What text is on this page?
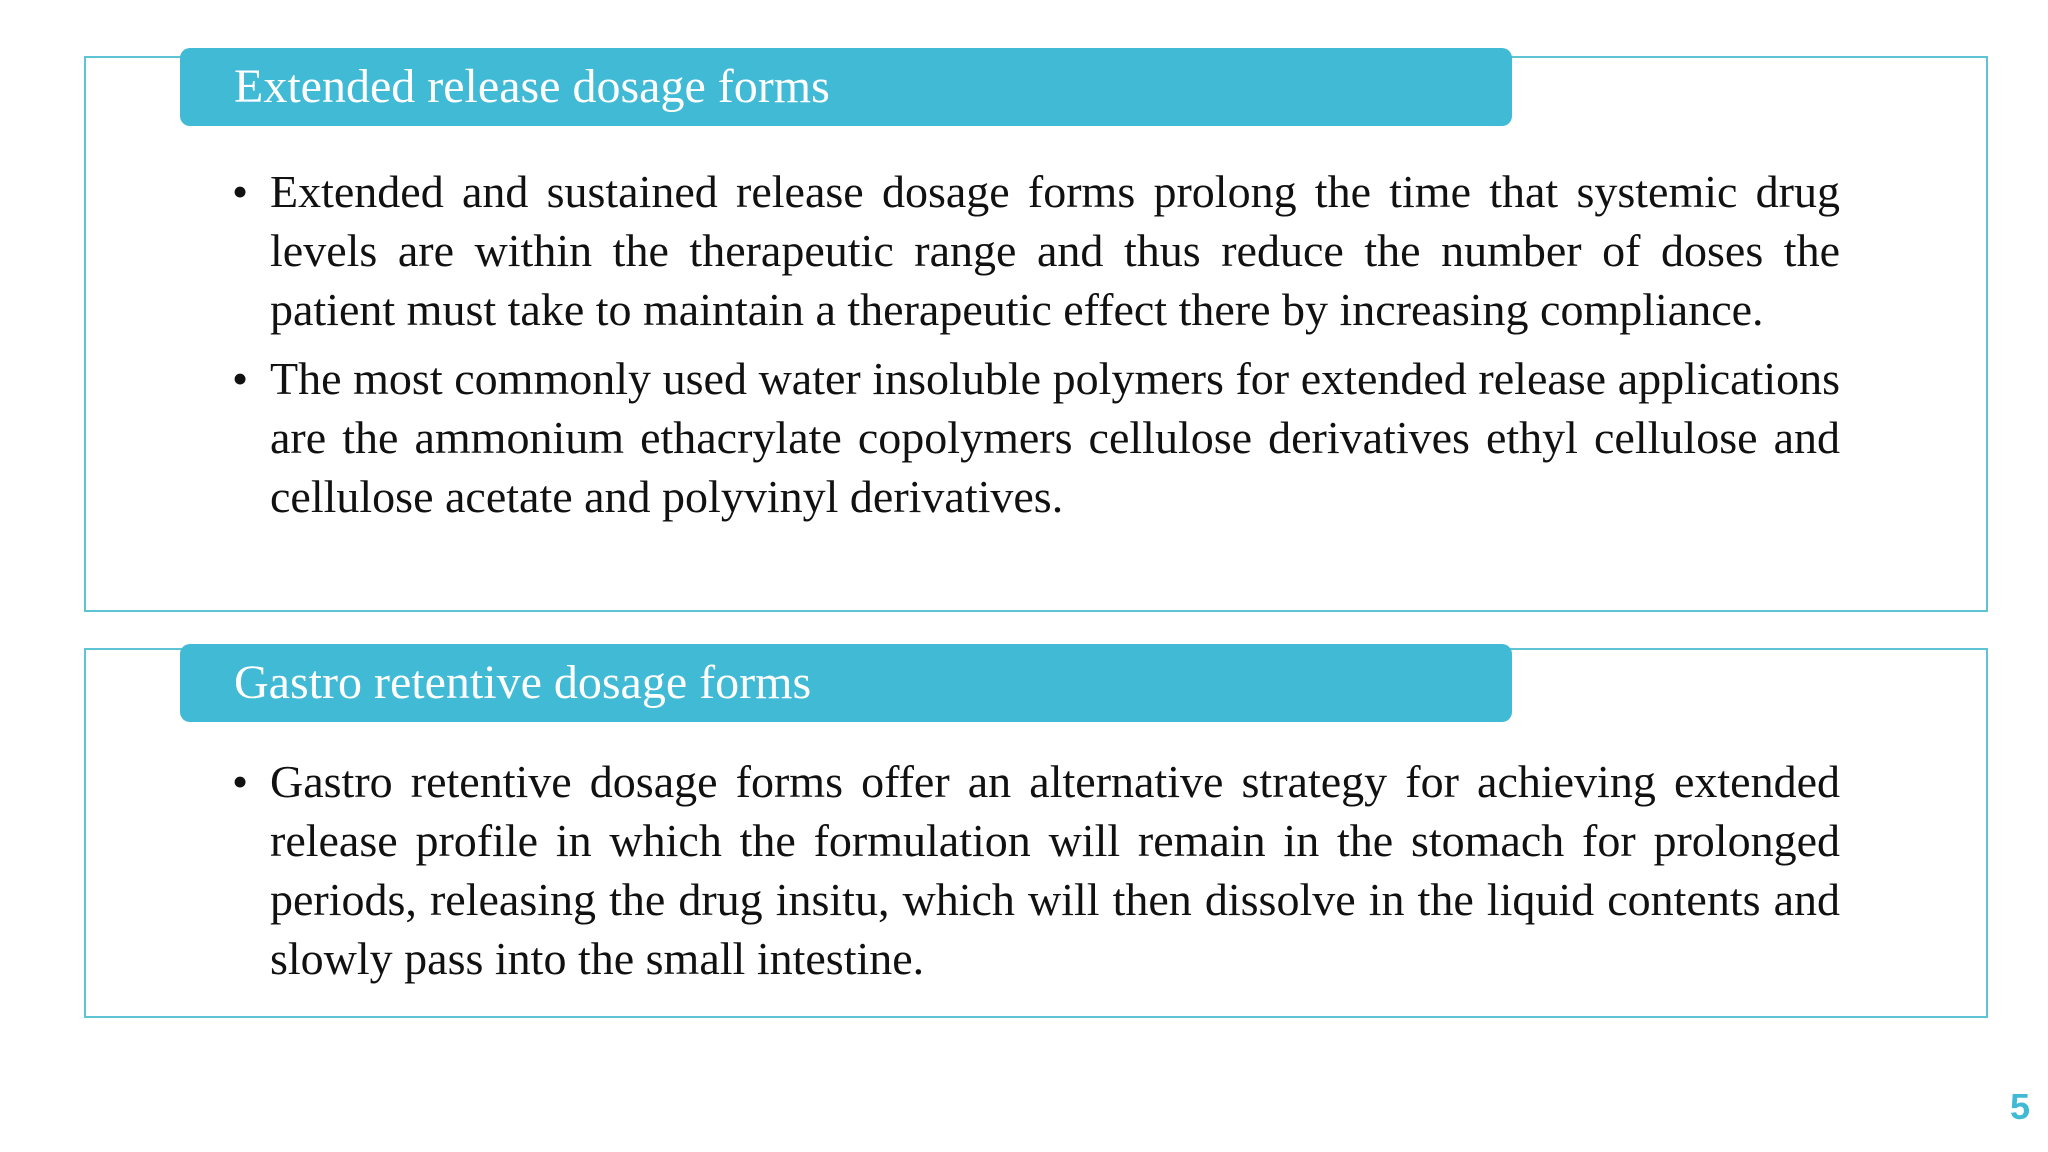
Extended release dosage forms
• Extended and sustained release dosage forms prolong the time that systemic drug levels are within the therapeutic range and thus reduce the number of doses the patient must take to maintain a therapeutic effect there by increasing compliance.
• The most commonly used water insoluble polymers for extended release applications are the ammonium ethacrylate copolymers cellulose derivatives ethyl cellulose and cellulose acetate and polyvinyl derivatives.
Gastro retentive dosage forms
• Gastro retentive dosage forms offer an alternative strategy for achieving extended release profile in which the formulation will remain in the stomach for prolonged periods, releasing the drug insitu, which will then dissolve in the liquid contents and slowly pass into the small intestine.
5
